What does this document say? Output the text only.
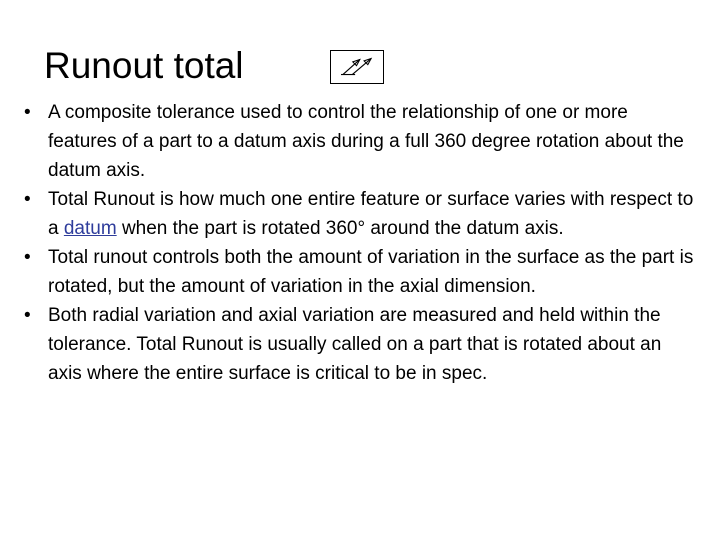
Runout total
• A composite tolerance used to control the relationship of one or more features of a part to a datum axis during a full 360 degree rotation about the datum axis.
• Total Runout is how much one entire feature or surface varies with respect to a datum when the part is rotated 360° around the datum axis.
• Total runout controls both the amount of variation in the surface as the part is rotated, but the amount of variation in the axial dimension.
• Both radial variation and axial variation are measured and held within the tolerance. Total Runout is usually called on a part that is rotated about an axis where the entire surface is critical to be in spec.
